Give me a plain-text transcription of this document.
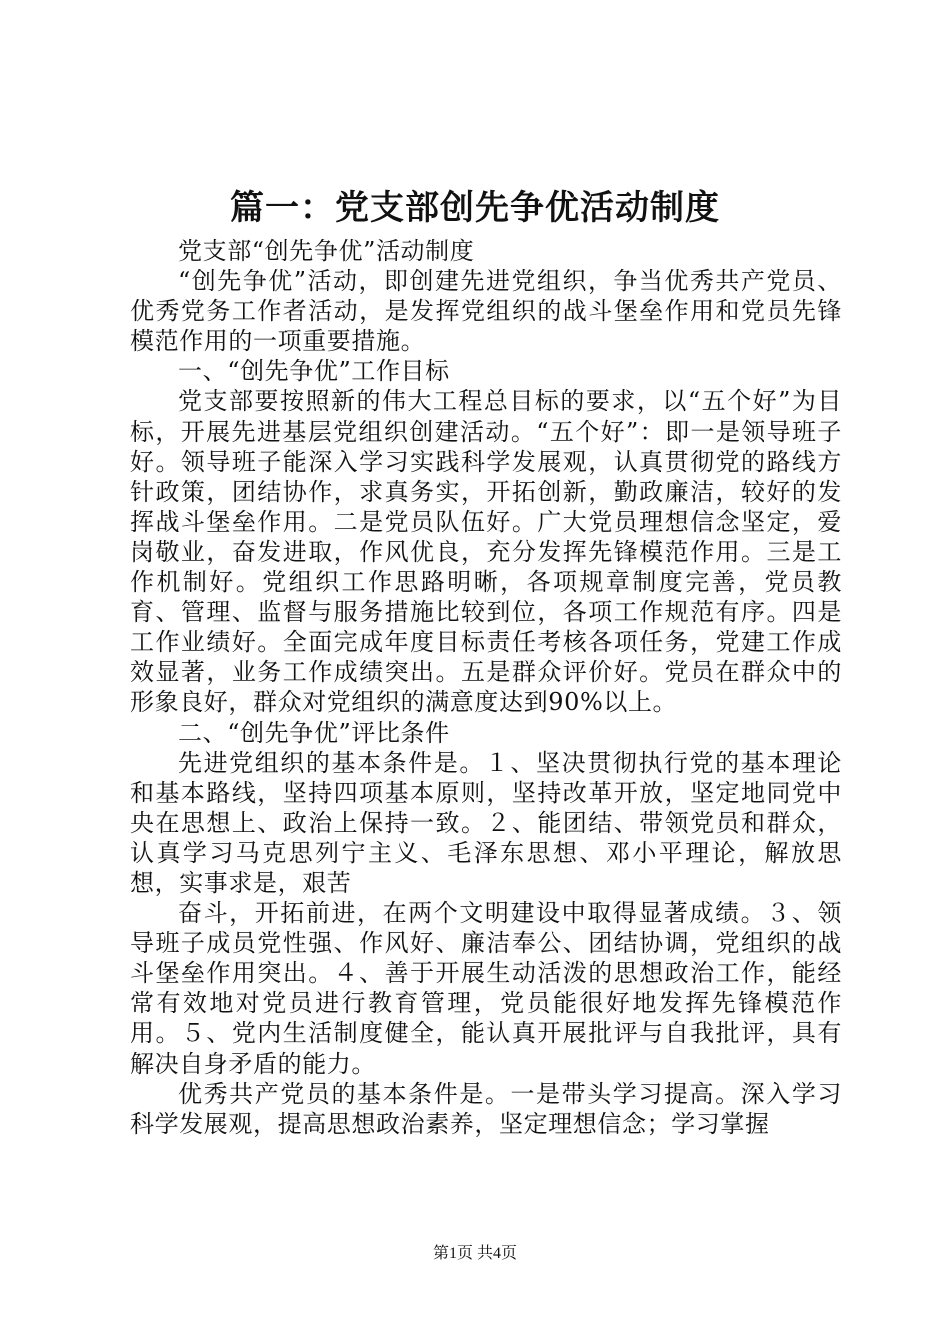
篇一：党支部创先争优活动制度

党支部“创先争优”活动制度

“创先争优”活动，即创建先进党组织，争当优秀共产党员、优秀党务工作者活动，是发挥党组织的战斗堡垒作用和党员先锋模范作用的一项重要措施。

一、“创先争优”工作目标

党支部要按照新的伟大工程总目标的要求，以“五个好”为目标，开展先进基层党组织创建活动。“五个好”：即一是领导班子好。领导班子能深入学习实践科学发展观，认真贯彻党的路线方针政策，团结协作，求真务实，开拓创新，勤政廉洁，较好的发挥战斗堡垒作用。二是党员队伍好。广大党员理想信念坚定，爱岗敬业，奋发进取，作风优良，充分发挥先锋模范作用。三是工作机制好。党组织工作思路明晰，各项规章制度完善，党员教育、管理、监督与服务措施比较到位，各项工作规范有序。四是工作业绩好。全面完成年度目标责任考核各项任务，党建工作成效显著，业务工作成绩突出。五是群众评价好。党员在群众中的形象良好，群众对党组织的满意度达到90%以上。

二、“创先争优”评比条件

先进党组织的基本条件是。１、坚决贯彻执行党的基本理论和基本路线，坚持四项基本原则，坚持改革开放，坚定地同党中央在思想上、政治上保持一致。２、能团结、带领党员和群众，认真学习马克思列宁主义、毛泽东思想、邓小平理论，解放思想，实事求是，艰苦

奋斗，开拓前进，在两个文明建设中取得显著成绩。３、领导班子成员党性强、作风好、廉洁奉公、团结协调，党组织的战斗堡垒作用突出。４、善于开展生动活泼的思想政治工作，能经常有效地对党员进行教育管理，党员能很好地发挥先锋模范作用。５、党内生活制度健全，能认真开展批评与自我批评，具有解决自身矛盾的能力。

优秀共产党员的基本条件是。一是带头学习提高。深入学习科学发展观，提高思想政治素养，坚定理想信念；学习掌握

第1页 共4页
